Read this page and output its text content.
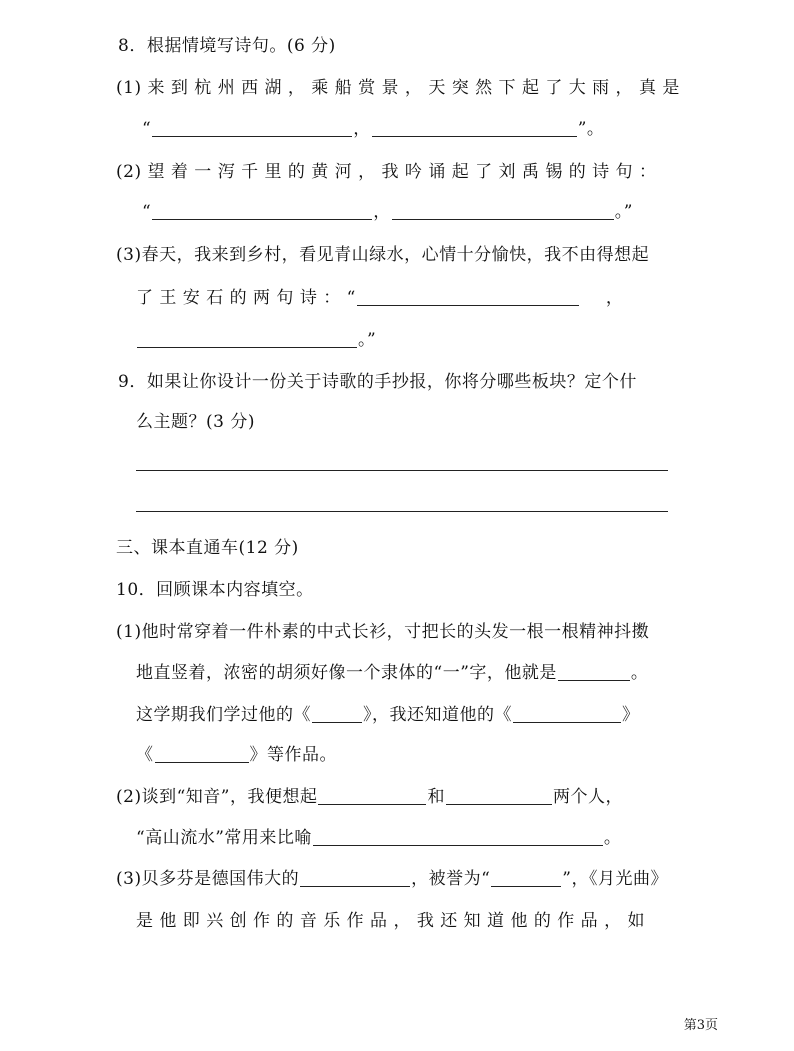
8．根据情境写诗句。(6 分)
(1) 来 到 杭 州 西 湖 ， 乘 船 赏 景 ， 天 突 然 下 起 了 大 雨 ， 真 是
“	，	”。
(2) 望 着 一 泻 千 里 的 黄 河 ， 我 吟 诵 起 了 刘 禹 锡 的 诗 句 ：
“	，	。”
(3)春天，我来到乡村，看见青山绿水，心情十分愉快，我不由得想起
了 王 安 石 的 两 句 诗 ： “	，
。”
9．如果让你设计一份关于诗歌的手抄报，你将分哪些板块？定个什
么主题？(3 分)
三、课本直通车(12 分)
10．回顾课本内容填空。
(1)他时常穿着一件朴素的中式长衫，寸把长的头发一根一根精神抖擞
地直竖着，浓密的胡须好像一个隶体的“一”字，他就是	。
这学期我们学过他的《	》，我还知道他的《	》
《	》等作品。
(2)谈到“知音”，我便想起	和	两个人，
“高山流水”常用来比喻	。
(3)贝多芬是德国伟大的	，被誉为“	”，《月光曲》
是 他 即 兴 创 作 的 音 乐 作 品 ， 我 还 知 道 他 的 作 品 ， 如
第3页
